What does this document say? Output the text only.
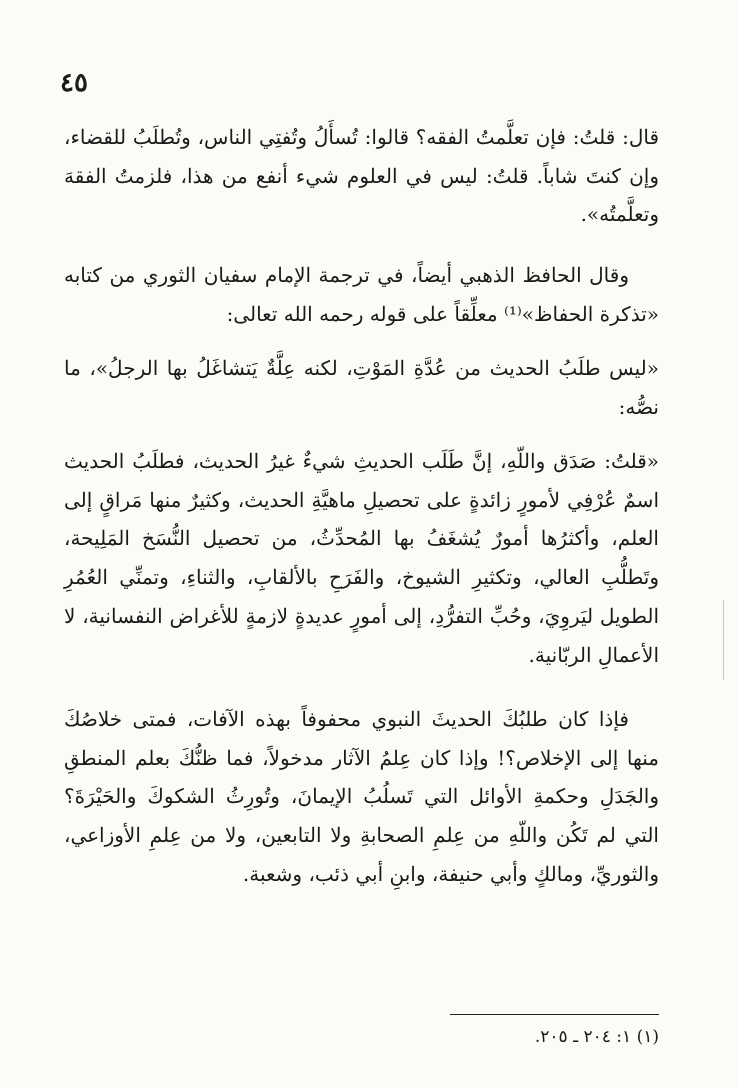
٤٥

قال: قلتُ: فإن تعلَّمتُ الفقه؟ قالوا: تُسأَلُ وتُفتِي الناس، وتُطلَبُ للقضاء، وإن كنتَ شاباً. قلتُ: ليس في العلوم شيء أنفع من هذا، فلزمتُ الفقهَ وتعلَّمتُه».

وقال الحافظ الذهبي أيضاً، في ترجمة الإمام سفيان الثوري من كتابه «تذكرة الحفاظ»⁽¹⁾ معلِّقاً على قوله رحمه الله تعالى:

«ليس طلَبُ الحديث من عُدَّةِ المَوْتِ، لكنه عِلَّةٌ يَتشاغَلُ بها الرجلُ»، ما نصُّه:

«قلتُ: صَدَق واللّهِ، إنَّ طَلَب الحديثِ شيءٌ غيرُ الحديث، فطلَبُ الحديث اسمٌ عُرْفِي لأمورٍ زائدةٍ على تحصيلِ ماهيَّةِ الحديث، وكثيرٌ منها مَراقٍ إلى العلم، وأكثرُها أمورٌ يُشغَفُ بها المُحدِّثُ، من تحصيل النُّسَخ المَلِيحة، وتَطلُّبِ العالي، وتكثيرِ الشيوخ، والفَرَحِ بالألقابِ، والثناءِ، وتمنِّي العُمُرِ الطويل ليَروِيَ، وحُبِّ التفرُّدِ، إلى أمورٍ عديدةٍ لازمةٍ للأغراض النفسانية، لا الأعمالِ الربّانية.

فإذا كان طلبُكَ الحديثَ النبوي محفوفاً بهذه الآفات، فمتى خلاصُكَ منها إلى الإخلاص؟! وإذا كان عِلمُ الآثار مدخولاً، فما ظنُّكَ بعلم المنطقِ والجَدَلِ وحكمةِ الأوائل التي تَسلُبُ الإيمانَ، وتُورِثُ الشكوكَ والحَيْرَةَ؟ التي لم تَكُن واللّهِ من عِلمِ الصحابةِ ولا التابعين، ولا من عِلمِ الأوزاعي، والثوريِّ، ومالكٍ وأبي حنيفة، وابنِ أبي ذئب، وشعبة.

(١) ١: ٢٠٤ ـ ٢٠٥.
